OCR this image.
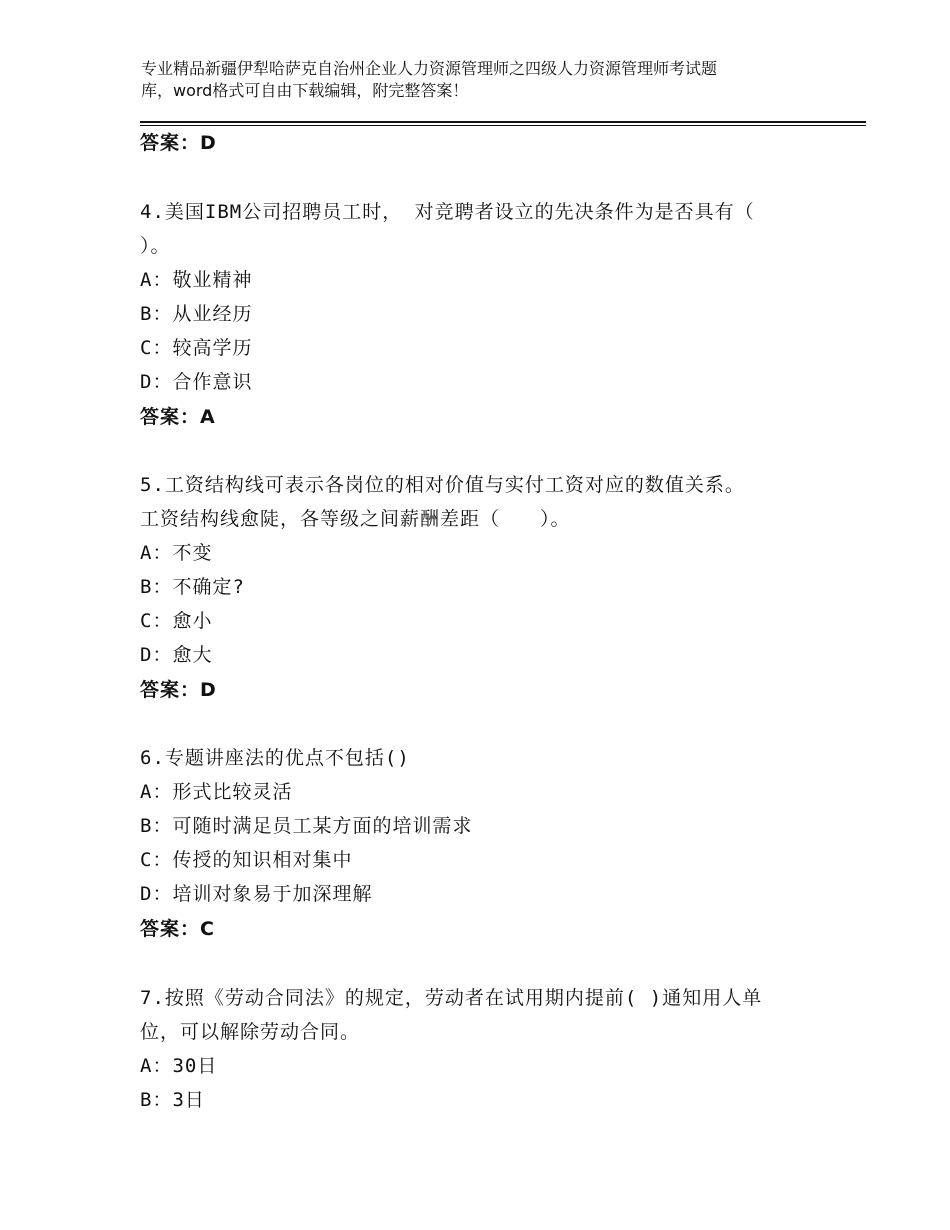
专业精品新疆伊犁哈萨克自治州企业人力资源管理师之四级人力资源管理师考试题
库，word格式可自由下载编辑，附完整答案！
答案：D
4.美国IBM公司招聘员工时， 对竞聘者设立的先决条件为是否具有（
）。
A：敬业精神
B：从业经历
C：较高学历
D：合作意识
答案：A
5.工资结构线可表示各岗位的相对价值与实付工资对应的数值关系。
工资结构线愈陡，各等级之间薪酬差距（　　）。
A：不变
B：不确定?
C：愈小
D：愈大
答案：D
6.专题讲座法的优点不包括()
A：形式比较灵活
B：可随时满足员工某方面的培训需求
C：传授的知识相对集中
D：培训对象易于加深理解
答案：C
7.按照《劳动合同法》的规定，劳动者在试用期内提前( )通知用人单
位，可以解除劳动合同。
A：30日
B：3日
